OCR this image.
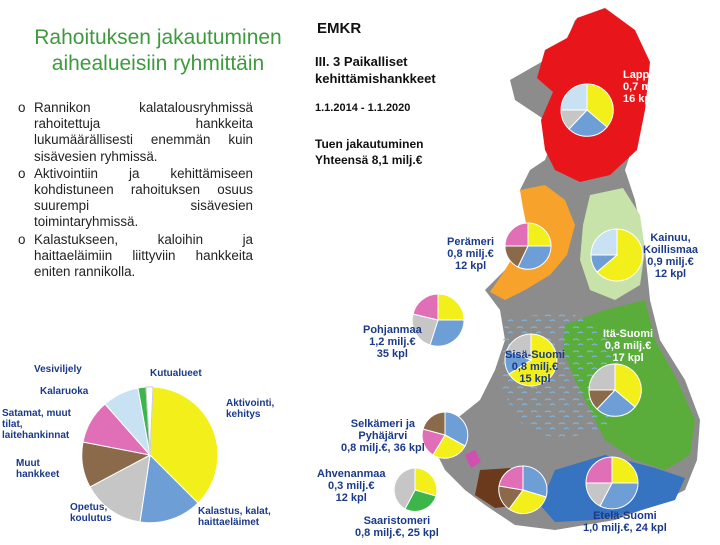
Rahoituksen jakautuminen
aihealueisiin ryhmittäin
o Rannikon kalatalousryhmissä rahoitettuja hankkeita lukumäärällisesti enemmän kuin sisävesien ryhmissä.
o Aktivointiin ja kehittämiseen kohdistuneen rahoituksen osuus suurempi sisävesien toimintaryhmissä.
o Kalastukseen, kaloihin ja haittaeläimiin liittyviin hankkeita eniten rannikolla.
Vesiviljely	Kutualueet
Kalaruoka
Satamat, muut
tilat,
laitehankinnat
Muut
hankkeet
Opetus,
koulutus
Aktivointi,
kehitys
Kalastus, kalat,
haittaeläimet
EMKR
III. 3 Paikalliset
kehittämishankkeet
1.1.2014 - 1.1.2020
Tuen jakautuminen
Yhteensä 8,1 milj.€
Lappi
0,7 milj.€
16 kpl
Perämeri
0,8 milj.€
12 kpl
Kainuu,
Koillismaa
0,9 milj.€
12 kpl
Pohjanmaa
1,2 milj.€
35 kpl
Itä-Suomi
0,8 milj.€
17 kpl
Sisä-Suomi
0,8 milj.€
15 kpl
Selkämeri ja
Pyhäjärvi
0,8 milj.€, 36 kpl
Ahvenanmaa
0,3 milj.€
12 kpl
Saaristomeri
0,8 milj.€, 25 kpl
Etelä-Suomi
1,0 milj.€, 24 kpl
